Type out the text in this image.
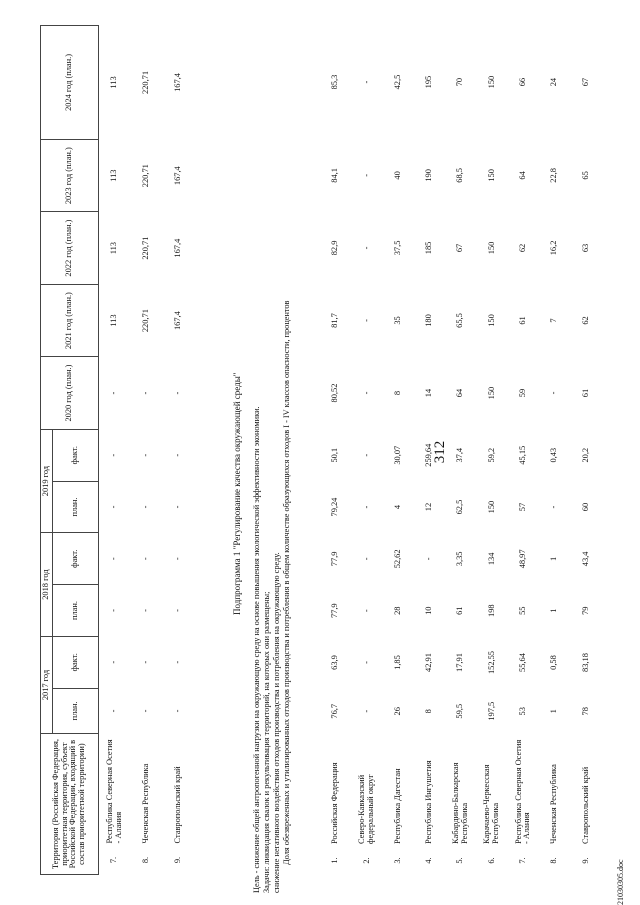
312
Территория (Российская Федерация, приоритетная территория, субъект Российской Федерации, входящий в состав приоритетной территории)		2017 год		2018 год		2019 год		2020 год (план.)	2021 год (план.)	2022 год (план.)	2023 год (план.)	2024 год (план.)
		план.	факт.	план.	факт.	план.	факт.					
7.	Республика Северная Осетия - Алания	-	-	-	-	-	-	-	113	113	113	113
8.	Чеченская Республика	-	-	-	-	-	-	-	220,71	220,71	220,71	220,71
9.	Ставропольский край	-	-	-	-	-	-	-	167,4	167,4	167,4	167,4
Подпрограмма 1 "Регулирование качества окружающей среды" Цель - снижение общей антропогенной нагрузки на окружающую среду на основе повышения экологической эффективности экономики. Задачи: ликвидация свалок и рекультивация территорий, на которых они размещены; снижение негативного воздействия отходов производства и потребления на окружающую среду. Доля обезвреженных и утилизированных отходов производства и потребления в общем количестве образующихся отходов I - IV классов опасности, процентов	1.	Российская Федерация	76,7	63,9	77,9	77,9	79,24	50,1	80,52	81,7	82,9	84,1	85,3
2.	Северо-Кавказский федеральный округ	-	-	-	-	-	-	-	-	-	-	-
3.	Республика Дагестан	26	1,85	28	52,62	4	30,07	8	35	37,5	40	42,5
4.	Республика Ингушетия	8	42,91	10	-	12	259,64	14	180	185	190	195
5.	Кабардино-Балкарская Республика	59,5	17,91	61	3,35	62,5	37,4	64	65,5	67	68,5	70
6.	Карачаево-Черкесская Республика	197,5	152,55	198	134	150	59,2	150	150	150	150	150
7.	Республика Северная Осетия - Алания	53	55,64	55	48,97	57	45,15	59	61	62	64	66
8.	Чеченская Республика	1	0,58	1	1	-	0,43	-	7	16,2	22,8	24
9.	Ставропольский край	78	83,18	79	43,4	60	20,2	61	62	63	65	67
21030305.doc
